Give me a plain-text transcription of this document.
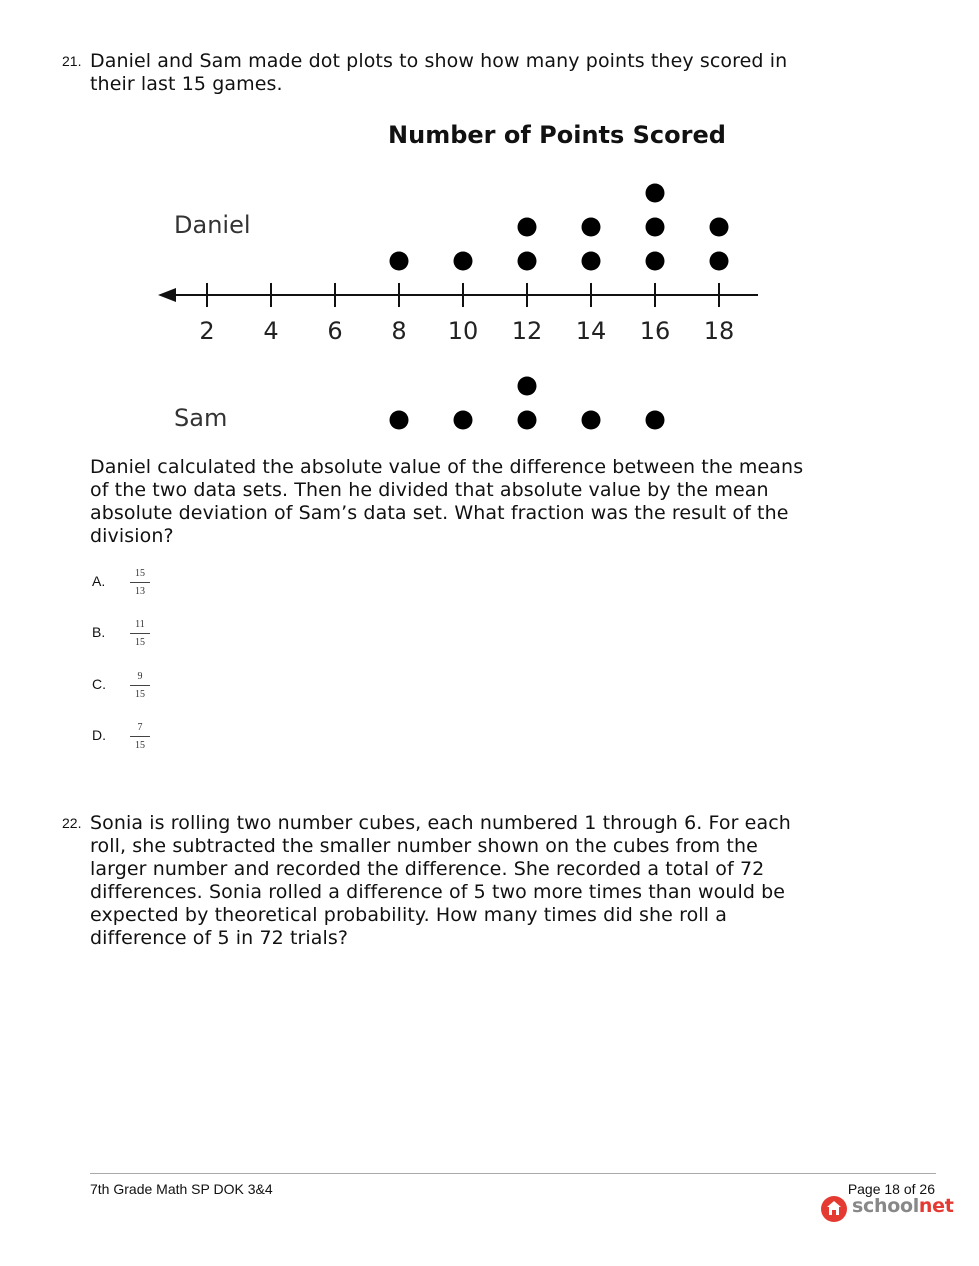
21. Daniel and Sam made dot plots to show how many points they scored in their last 15 games.
Number of Points Scored
Daniel
Sam
2 4 6 8 10 12 14 16 18
Daniel calculated the absolute value of the difference between the means of the two data sets. Then he divided that absolute value by the mean absolute deviation of Sam’s data set. What fraction was the result of the division?
A.	15
13
B.	11
15
C.	9
15
D.	7
15
22. Sonia is rolling two number cubes, each numbered 1 through 6. For each roll, she subtracted the smaller number shown on the cubes from the larger number and recorded the difference. She recorded a total of 72 differences. Sonia rolled a difference of 5 two more times than would be expected by theoretical probability. How many times did she roll a difference of 5 in 72 trials?
7th Grade Math SP DOK 3&4	Page 18 of 26
schoolnet
